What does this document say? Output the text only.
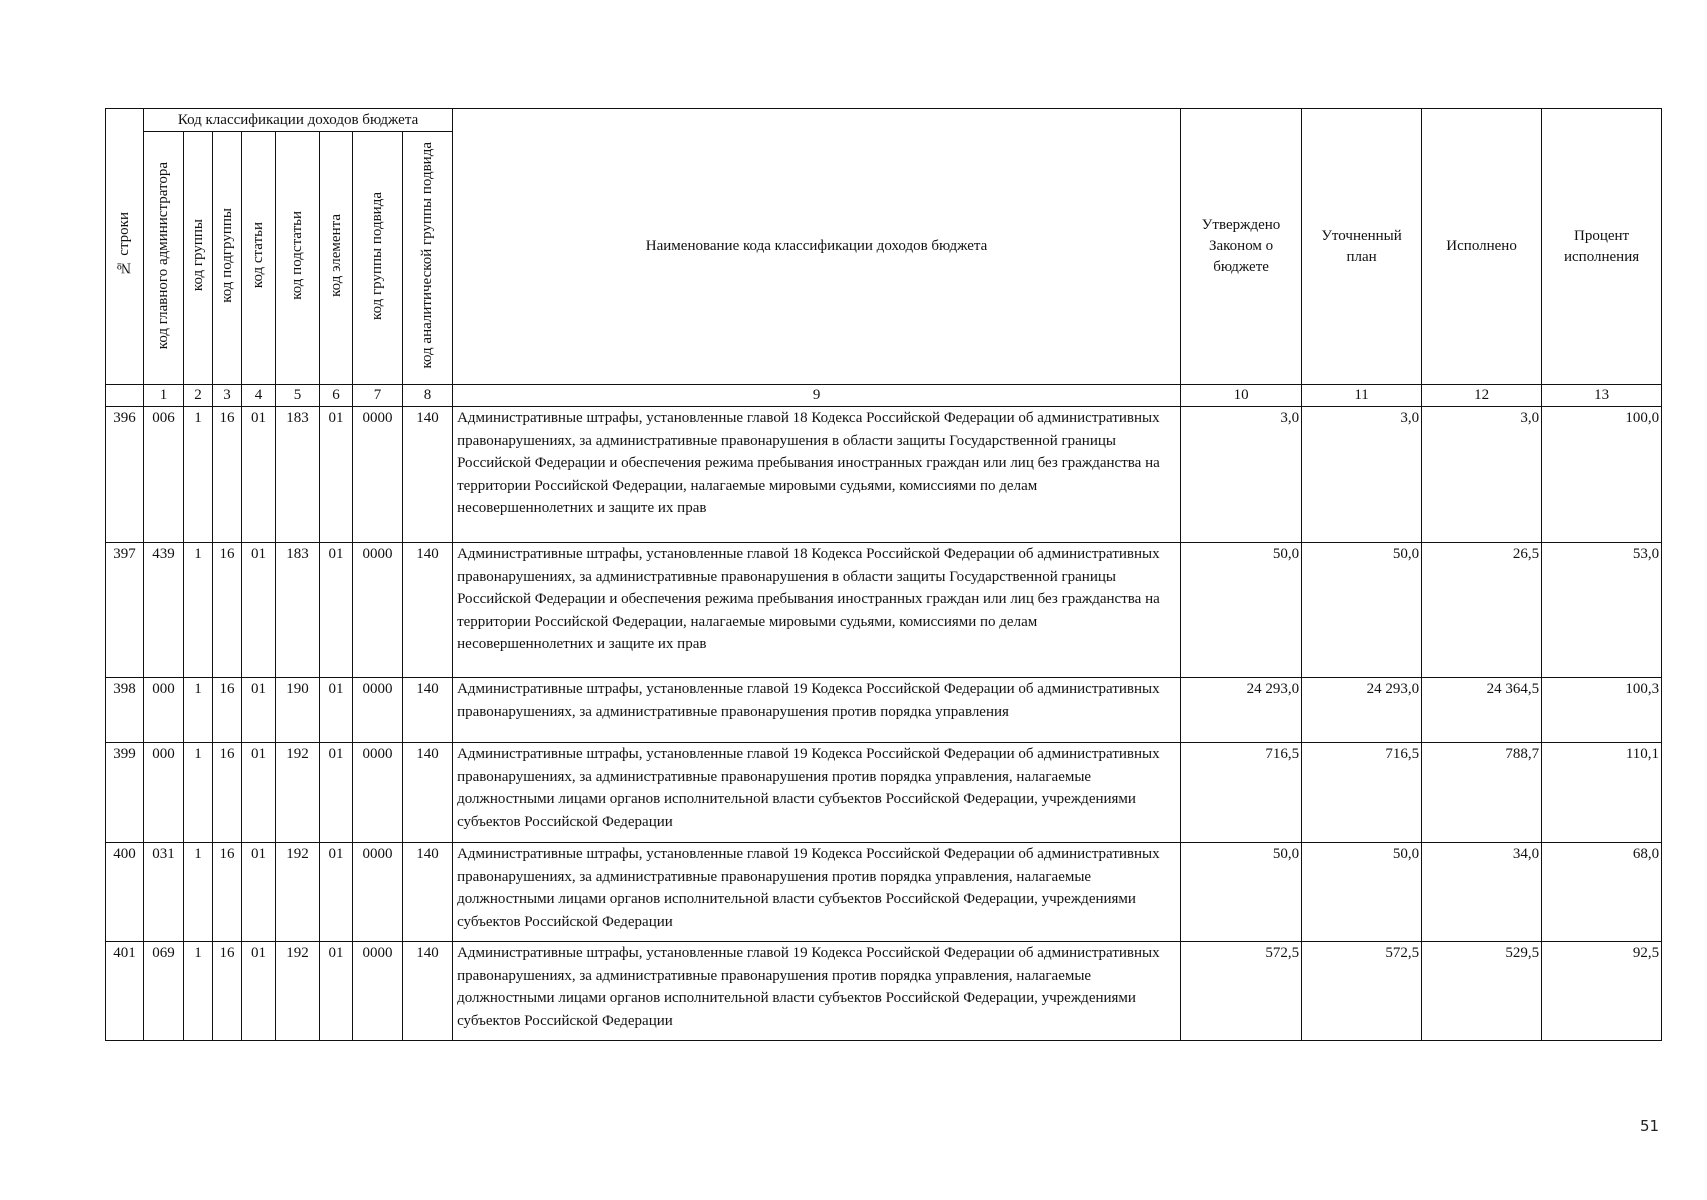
№ строки	Код классификации доходов бюджета								Наименование кода классификации доходов бюджета	Утверждено Законом о бюджете	Уточненный план	Исполнено	Процент исполнения

	код главного администратора	код группы	код подгруппы	код статьи	код подстатьи	код элемента	код группы подвида	код аналитической группы подвида					
	1	2	3	4	5	6	7	8	9	10	11	12	13
396	006	1	16	01	183	01	0000	140	Административные штрафы, установленные главой 18 Кодекса Российской Федерации об административных правонарушениях, за административные правонарушения в области защиты Государственной границы Российской Федерации и обеспечения режима пребывания иностранных граждан или лиц без гражданства на территории Российской Федерации, налагаемые мировыми судьями, комиссиями по делам несовершеннолетних и защите их прав	3,0	3,0	3,0	100,0
397	439	1	16	01	183	01	0000	140	Административные штрафы, установленные главой 18 Кодекса Российской Федерации об административных правонарушениях, за административные правонарушения в области защиты Государственной границы Российской Федерации и обеспечения режима пребывания иностранных граждан или лиц без гражданства на территории Российской Федерации, налагаемые мировыми судьями, комиссиями по делам несовершеннолетних и защите их прав	50,0	50,0	26,5	53,0
398	000	1	16	01	190	01	0000	140	Административные штрафы, установленные главой 19 Кодекса Российской Федерации об административных правонарушениях, за административные правонарушения против порядка управления	24 293,0	24 293,0	24 364,5	100,3
399	000	1	16	01	192	01	0000	140	Административные штрафы, установленные главой 19 Кодекса Российской Федерации об административных правонарушениях, за административные правонарушения против порядка управления, налагаемые должностными лицами органов исполнительной власти субъектов Российской Федерации, учреждениями субъектов Российской Федерации	716,5	716,5	788,7	110,1
400	031	1	16	01	192	01	0000	140	Административные штрафы, установленные главой 19 Кодекса Российской Федерации об административных правонарушениях, за административные правонарушения против порядка управления, налагаемые должностными лицами органов исполнительной власти субъектов Российской Федерации, учреждениями субъектов Российской Федерации	50,0	50,0	34,0	68,0
401	069	1	16	01	192	01	0000	140	Административные штрафы, установленные главой 19 Кодекса Российской Федерации об административных правонарушениях, за административные правонарушения против порядка управления, налагаемые должностными лицами органов исполнительной власти субъектов Российской Федерации, учреждениями субъектов Российской Федерации	572,5	572,5	529,5	92,5
51
